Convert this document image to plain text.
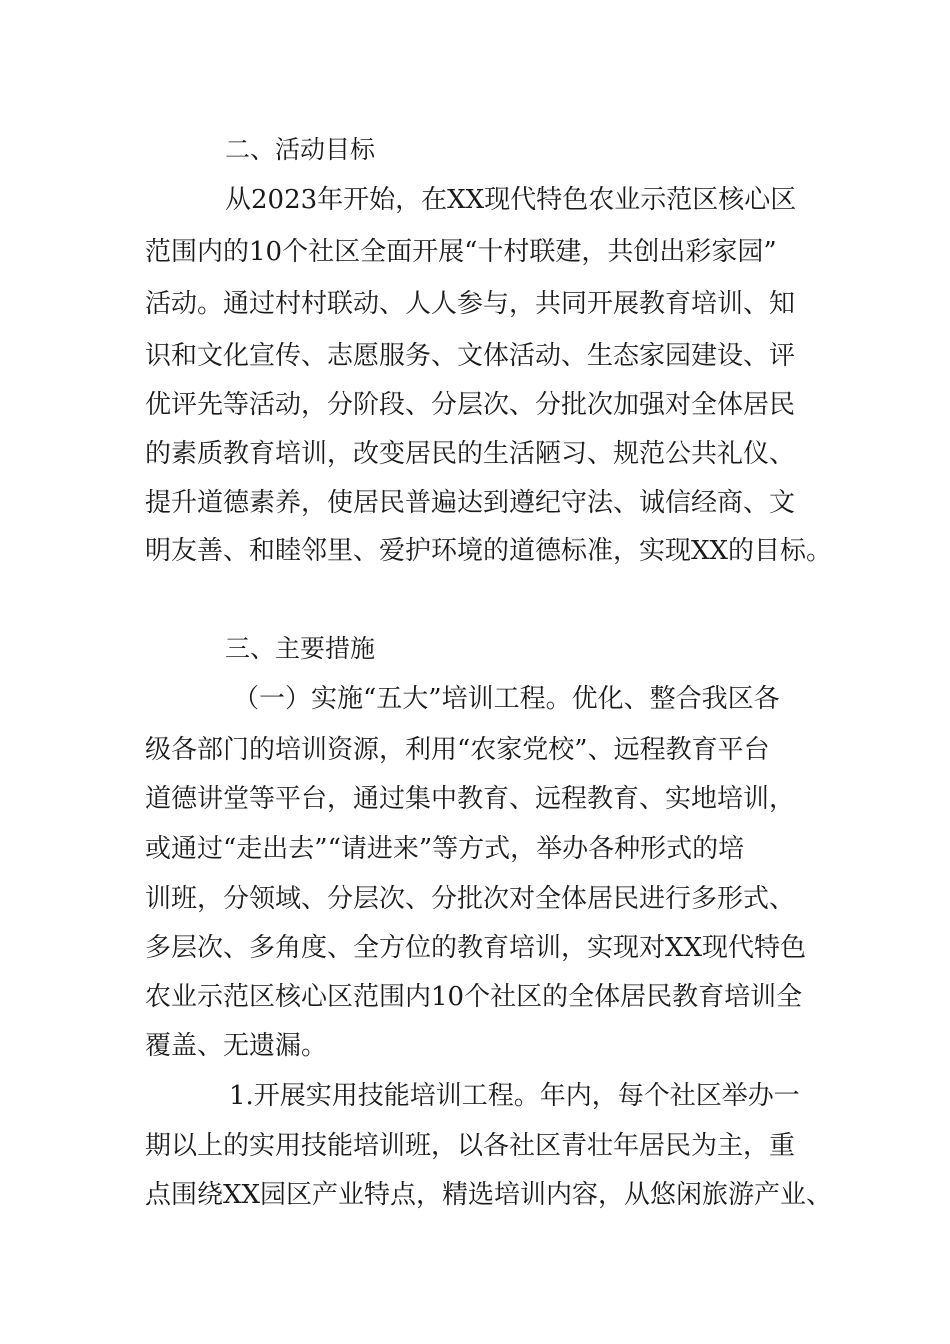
二、活动目标
从2023年开始，在XX现代特色农业示范区核心区
范围内的10个社区全面开展“十村联建，共创出彩家园”
活动。通过村村联动、人人参与，共同开展教育培训、知
识和文化宣传、志愿服务、文体活动、生态家园建设、评
优评先等活动，分阶段、分层次、分批次加强对全体居民
的素质教育培训，改变居民的生活陋习、规范公共礼仪、
提升道德素养，使居民普遍达到遵纪守法、诚信经商、文
明友善、和睦邻里、爱护环境的道德标准，实现XX的目标。
三、主要措施
（一）实施“五大”培训工程。优化、整合我区各
级各部门的培训资源，利用“农家党校”、远程教育平台
道德讲堂等平台，通过集中教育、远程教育、实地培训，
或通过“走出去”“请进来”等方式，举办各种形式的培
训班，分领域、分层次、分批次对全体居民进行多形式、
多层次、多角度、全方位的教育培训，实现对XX现代特色
农业示范区核心区范围内10个社区的全体居民教育培训全
覆盖、无遗漏。
1.开展实用技能培训工程。年内，每个社区举办一
期以上的实用技能培训班，以各社区青壮年居民为主，重
点围绕XX园区产业特点，精选培训内容，从悠闲旅游产业、
